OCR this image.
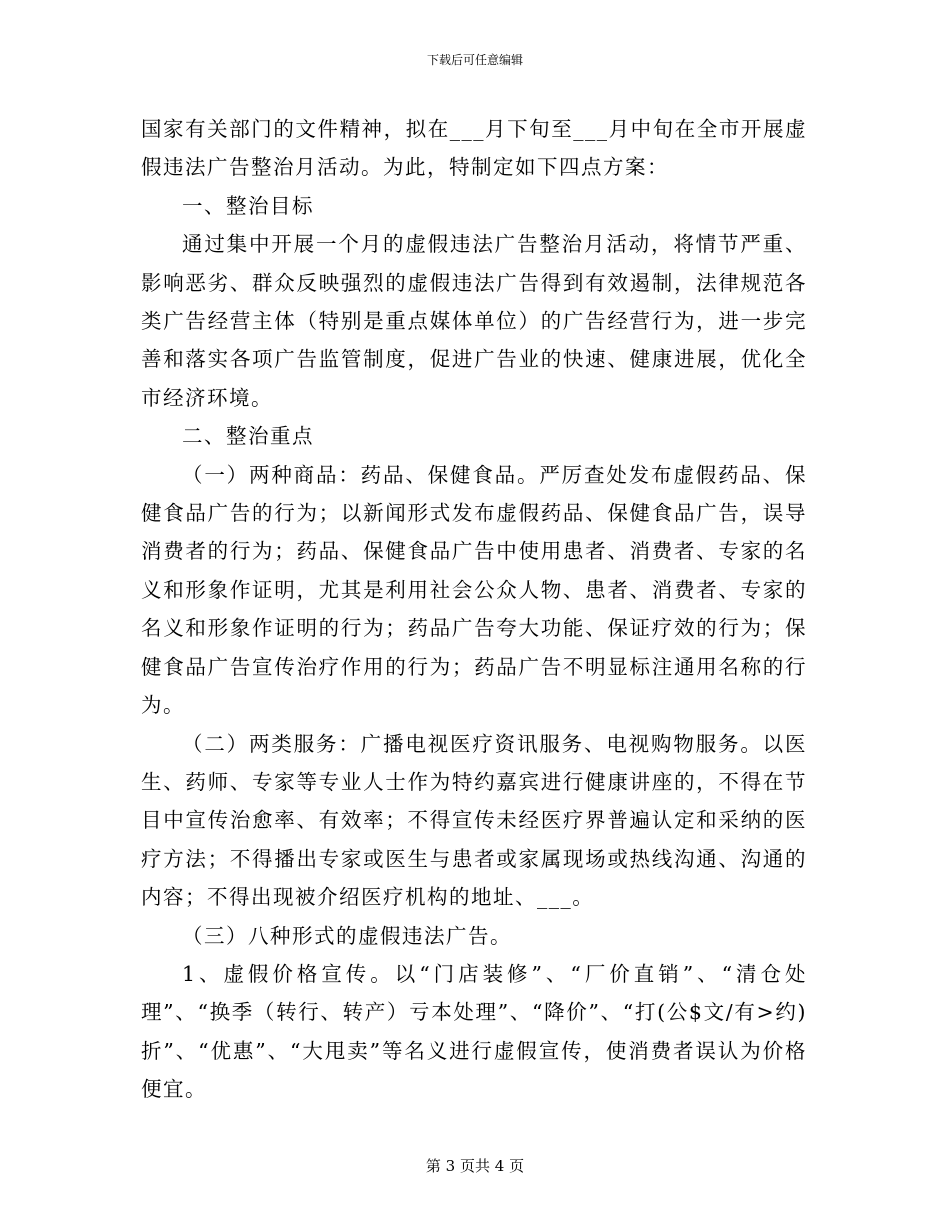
下载后可任意编辑

国家有关部门的文件精神，拟在___月下旬至___月中旬在全市开展虚假违法广告整治月活动。为此，特制定如下四点方案：

一、整治目标

通过集中开展一个月的虚假违法广告整治月活动，将情节严重、影响恶劣、群众反映强烈的虚假违法广告得到有效遏制，法律规范各类广告经营主体（特别是重点媒体单位）的广告经营行为，进一步完善和落实各项广告监管制度，促进广告业的快速、健康进展，优化全市经济环境。

二、整治重点

（一）两种商品：药品、保健食品。严厉查处发布虚假药品、保健食品广告的行为；以新闻形式发布虚假药品、保健食品广告，误导消费者的行为；药品、保健食品广告中使用患者、消费者、专家的名义和形象作证明，尤其是利用社会公众人物、患者、消费者、专家的名义和形象作证明的行为；药品广告夸大功能、保证疗效的行为；保健食品广告宣传治疗作用的行为；药品广告不明显标注通用名称的行为。

（二）两类服务：广播电视医疗资讯服务、电视购物服务。以医生、药师、专家等专业人士作为特约嘉宾进行健康讲座的，不得在节目中宣传治愈率、有效率；不得宣传未经医疗界普遍认定和采纳的医疗方法；不得播出专家或医生与患者或家属现场或热线沟通、沟通的内容；不得出现被介绍医疗机构的地址、___。

（三）八种形式的虚假违法广告。

1、虚假价格宣传。以“门店装修”、“厂价直销”、“清仓处理”、“换季（转行、转产）亏本处理”、“降价”、“打(公$文/有>约)折”、“优惠”、“大甩卖”等名义进行虚假宣传，使消费者误认为价格便宜。

第 3 页共 4 页
